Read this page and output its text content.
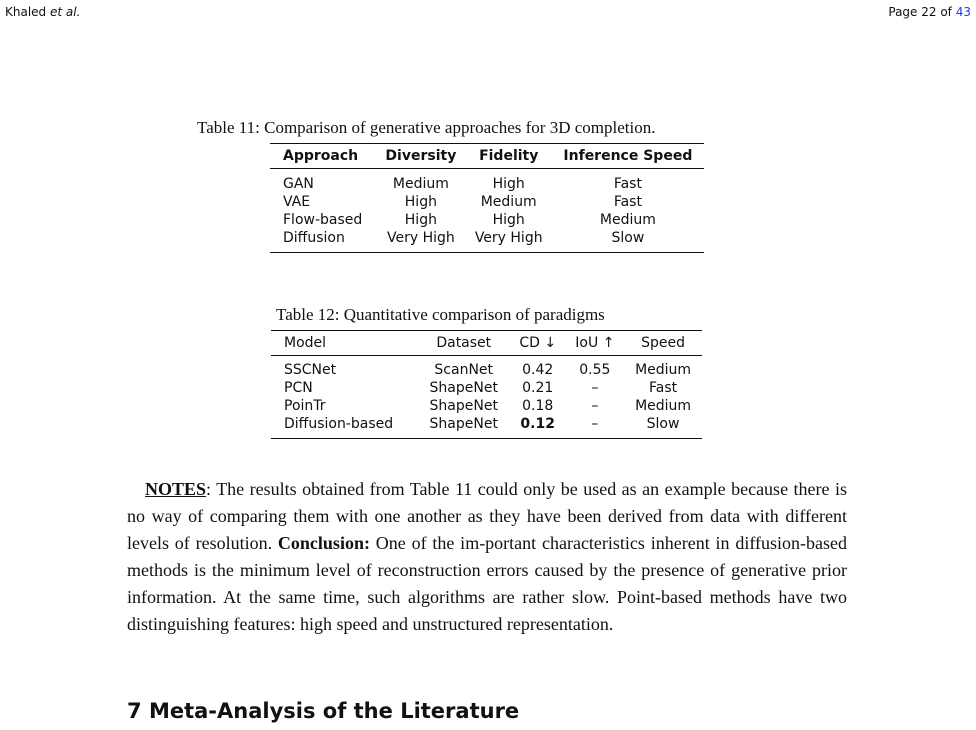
Khaled et al.	Page 22 of 43
Table 11: Comparison of generative approaches for 3D completion.
Approach	Diversity	Fidelity	Inference Speed
GAN	Medium	High	Fast
VAE	High	Medium	Fast
Flow-based	High	High	Medium
Diffusion	Very High	Very High	Slow
Table 12: Quantitative comparison of paradigms
Model	Dataset	CD ↓	IoU ↑	Speed
SSCNet	ScanNet	0.42	0.55	Medium
PCN	ShapeNet	0.21	–	Fast
PoinTr	ShapeNet	0.18	–	Medium
Diffusion-based	ShapeNet	0.12	–	Slow
NOTES: The results obtained from Table 11 could only be used as an example because there is no way of comparing them with one another as they have been derived from data with different levels of resolution. Conclusion: One of the im-portant characteristics inherent in diffusion-based methods is the minimum level of reconstruction errors caused by the presence of generative prior information. At the same time, such algorithms are rather slow. Point-based methods have two distinguishing features: high speed and unstructured representation.
7 Meta-Analysis of the Literature
